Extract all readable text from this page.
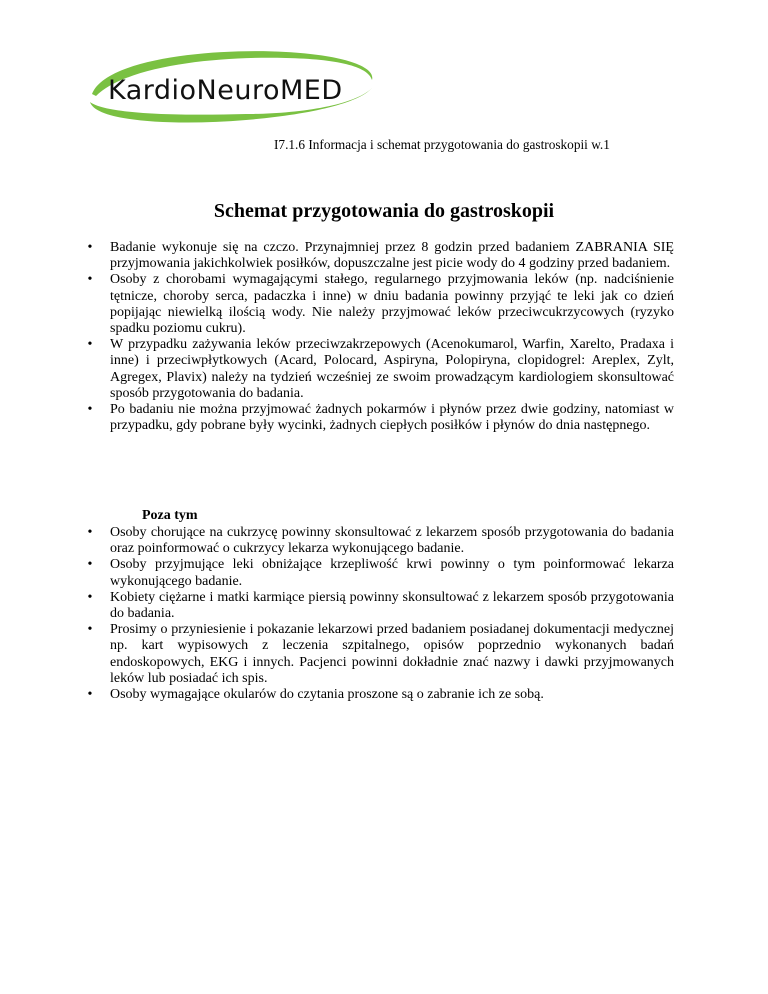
KardioNeuroMED
I7.1.6 Informacja i schemat przygotowania do gastroskopii w.1
Schemat przygotowania do gastroskopii
• Badanie wykonuje się na czczo. Przynajmniej przez 8 godzin przed badaniem ZABRANIA SIĘ przyjmowania jakichkolwiek posiłków, dopuszczalne jest picie wody do 4 godziny przed badaniem.
• Osoby z chorobami wymagającymi stałego, regularnego przyjmowania leków (np. nadciśnienie tętnicze, choroby serca, padaczka i inne) w dniu badania powinny przyjąć te leki jak co dzień popijając niewielką ilością wody. Nie należy przyjmować leków przeciwcukrzycowych (ryzyko spadku poziomu cukru).
• W przypadku zażywania leków przeciwzakrzepowych (Acenokumarol, Warfin, Xarelto, Pradaxa i inne) i przeciwpłytkowych (Acard, Polocard, Aspiryna, Polopiryna, clopidogrel: Areplex, Zylt, Agregex, Plavix) należy na tydzień wcześniej ze swoim prowadzącym kardiologiem skonsultować sposób przygotowania do badania.
• Po badaniu nie można przyjmować żadnych pokarmów i płynów przez dwie godziny, natomiast w przypadku, gdy pobrane były wycinki, żadnych ciepłych posiłków i płynów do dnia następnego.

Poza tym

• Osoby chorujące na cukrzycę powinny skonsultować z lekarzem sposób przygotowania do badania oraz poinformować o cukrzycy lekarza wykonującego badanie.
• Osoby przyjmujące leki obniżające krzepliwość krwi powinny o tym poinformować lekarza wykonującego badanie.
• Kobiety ciężarne i matki karmiące piersią powinny skonsultować z lekarzem sposób przygotowania do badania.
• Prosimy o przyniesienie i pokazanie lekarzowi przed badaniem posiadanej dokumentacji medycznej np. kart wypisowych z leczenia szpitalnego, opisów poprzednio wykonanych badań endoskopowych, EKG i innych. Pacjenci powinni dokładnie znać nazwy i dawki przyjmowanych leków lub posiadać ich spis.
• Osoby wymagające okularów do czytania proszone są o zabranie ich ze sobą.
